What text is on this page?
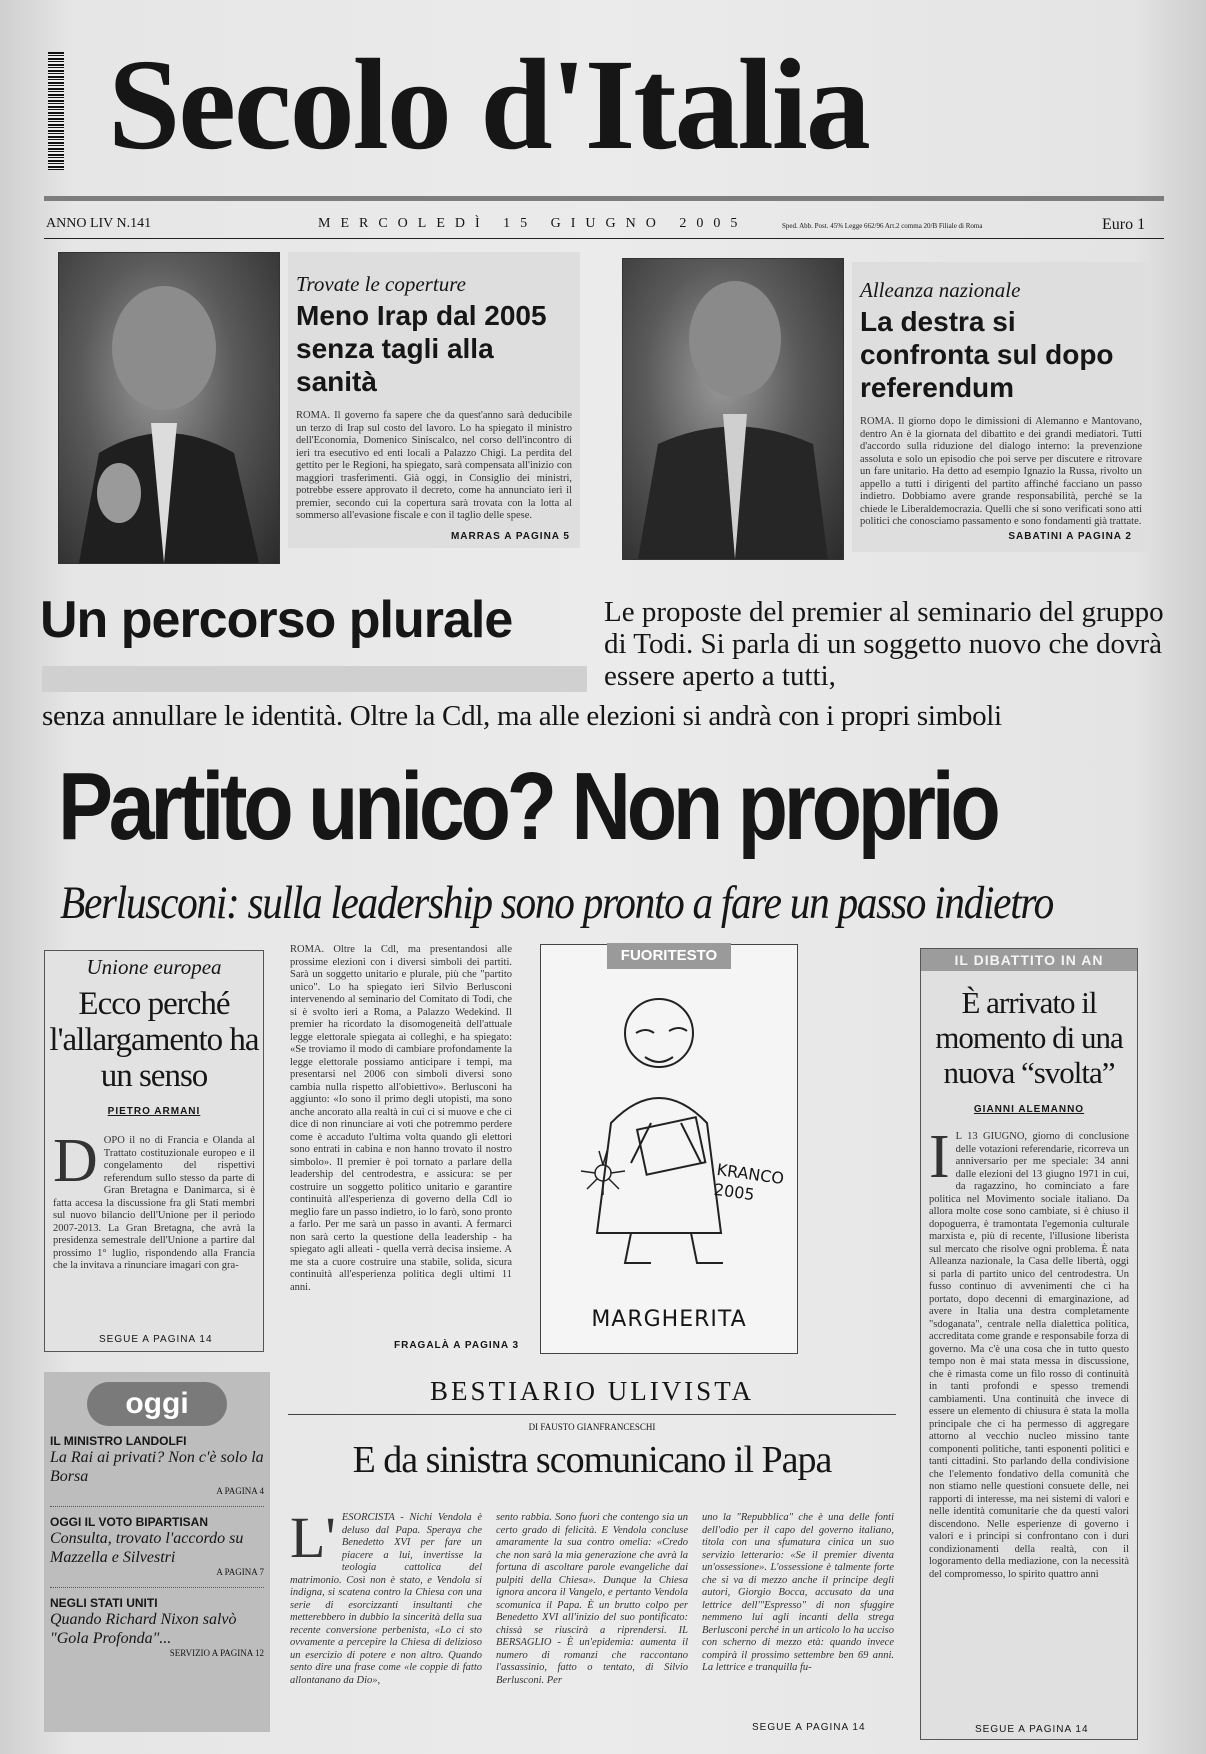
Secolo d'Italia
ANNO LIV N.141	MERCOLEDÌ 15 GIUGNO 2005	Sped. Abb. Post. 45% Legge 662/96 Art.2 comma 20/B Filiale di Roma	Euro 1
Trovate le coperture
Meno Irap dal 2005 senza tagli alla sanità
ROMA. Il governo fa sapere che da quest'anno sarà deducibile un terzo di Irap sul costo del lavoro. Lo ha spiegato il ministro dell'Economia, Domenico Siniscalco, nel corso dell'incontro di ieri tra esecutivo ed enti locali a Palazzo Chigi. La perdita del gettito per le Regioni, ha spiegato, sarà compensata all'inizio con maggiori trasferimenti. Già oggi, in Consiglio dei ministri, potrebbe essere approvato il decreto, come ha annunciato ieri il premier, secondo cui la copertura sarà trovata con la lotta al sommerso all'evasione fiscale e con il taglio delle spese.
MARRAS A PAGINA 5
Alleanza nazionale
La destra si confronta sul dopo referendum
ROMA. Il giorno dopo le dimissioni di Alemanno e Mantovano, dentro An è la giornata del dibattito e dei grandi mediatori. Tutti d'accordo sulla riduzione del dialogo interno: la prevenzione assoluta e solo un episodio che poi serve per discutere e ritrovare un fare unitario. Ha detto ad esempio Ignazio la Russa, rivolto un appello a tutti i dirigenti del partito affinché facciano un passo indietro. Dobbiamo avere grande responsabilità, perché se la chiede le Liberaldemocrazia. Quelli che si sono verificati sono atti politici che conosciamo passamento e sono fondamenti già trattate.
SABATINI A PAGINA 2
Un percorso plurale	Le proposte del premier al seminario del gruppo di Todi. Si parla di un soggetto nuovo che dovrà essere aperto a tutti,
senza annullare le identità. Oltre la Cdl, ma alle elezioni si andrà con i propri simboli
Partito unico? Non proprio
Berlusconi: sulla leadership sono pronto a fare un passo indietro
Unione europea
Ecco perché l'allargamento ha un senso
PIETRO ARMANI
D OPO il no di Francia e Olanda al Trattato costituzionale europeo e il congelamento del rispettivi referendum sullo stesso da parte di Gran Bretagna e Danimarca, si è fatta accesa la discussione fra gli Stati membri sul nuovo bilancio dell'Unione per il periodo 2007-2013. La Gran Bretagna, che avrà la presidenza semestrale dell'Unione a partire dal prossimo 1° luglio, rispondendo alla Francia che la invitava a rinunciare imagari con gra-
SEGUE A PAGINA 14
ROMA. Oltre la Cdl, ma presentandosi alle prossime elezioni con i diversi simboli dei partiti. Sarà un soggetto unitario e plurale, più che "partito unico". Lo ha spiegato ieri Silvio Berlusconi intervenendo al seminario del Comitato di Todi, che si è svolto ieri a Roma, a Palazzo Wedekind. Il premier ha ricordato la disomogeneità dell'attuale legge elettorale spiegata ai colleghi, e ha spiegato: «Se troviamo il modo di cambiare profondamente la legge elettorale possiamo anticipare i tempi, ma presentarsi nel 2006 con simboli diversi sono cambia nulla rispetto all'obiettivo». Berlusconi ha aggiunto: «Io sono il primo degli utopisti, ma sono anche ancorato alla realtà in cui ci si muove e che ci dice di non rinunciare ai voti che potremmo perdere come è accaduto l'ultima volta quando gli elettori sono entrati in cabina e non hanno trovato il nostro simbolo». Il premier è poi tornato a parlare della leadership del centrodestra, e assicura: se per costruire un soggetto politico unitario e garantire continuità all'esperienza di governo della Cdl io meglio fare un passo indietro, io lo farò, sono pronto a farlo. Per me sarà un passo in avanti. A fermarci non sarà certo la questione della leadership - ha spiegato agli alleati - quella verrà decisa insieme. A me sta a cuore costruire una stabile, solida, sicura continuità all'esperienza politica degli ultimi 11 anni.
FRAGALÀ A PAGINA 3
FUORITESTO
KRANCO 2005
MARGHERITA
IL DIBATTITO IN AN
È arrivato il momento di una nuova “svolta”
GIANNI ALEMANNO
I L 13 GIUGNO, giorno di conclusione delle votazioni referendarie, ricorreva un anniversario per me speciale: 34 anni dalle elezioni del 13 giugno 1971 in cui, da ragazzino, ho cominciato a fare politica nel Movimento sociale italiano. Da allora molte cose sono cambiate, si è chiuso il dopoguerra, è tramontata l'egemonia culturale marxista e, più di recente, l'illusione liberista sul mercato che risolve ogni problema. È nata Alleanza nazionale, la Casa delle libertà, oggi si parla di partito unico del centrodestra. Un fusso continuo di avvenimenti che ci ha portato, dopo decenni di emarginazione, ad avere in Italia una destra completamente "sdoganata", centrale nella dialettica politica, accreditata come grande e responsabile forza di governo. Ma c'è una cosa che in tutto questo tempo non è mai stata messa in discussione, che è rimasta come un filo rosso di continuità in tanti profondi e spesso tremendi cambiamenti. Una continuità che invece di essere un elemento di chiusura è stata la molla principale che ci ha permesso di aggregare attorno al vecchio nucleo missino tante componenti politiche, tanti esponenti politici e tanti cittadini. Sto parlando della condivisione che l'elemento fondativo della comunità che non stiamo nelle questioni consuete delle, nei rapporti di interesse, ma nei sistemi di valori e nelle identità comunitarie che da questi valori discendono. Nelle esperienze di governo i valori e i principi si confrontano con i duri condizionamenti della realtà, con il logoramento della mediazione, con la necessità del compromesso, lo spirito quattro anni
SEGUE A PAGINA 14
oggi
IL MINISTRO LANDOLFI
La Rai ai privati? Non c'è solo la Borsa
A PAGINA 4
OGGI IL VOTO BIPARTISAN
Consulta, trovato l'accordo su Mazzella e Silvestri
A PAGINA 7
NEGLI STATI UNITI
Quando Richard Nixon salvò "Gola Profonda"...
SERVIZIO A PAGINA 12
BESTIARIO ULIVISTA
DI FAUSTO GIANFRANCESCHI
E da sinistra scomunicano il Papa
L' ESORCISTA - Nichi Vendola è deluso dal Papa. Speraya che Benedetto XVI per fare un piacere a lui, invertisse la teologia cattolica del matrimonio. Così non è stato, e Vendola si indigna, si scatena contro la Chiesa con una serie di esorcizzanti insultanti che metterebbero in dubbio la sincerità della sua recente conversione perbenista, «Lo ci sto ovvamente a percepire la Chiesa di delizioso un esercizio di potere e non altro. Quando sento dire una frase come «le coppie di fatto allontanano da Dio»,
sento rabbia. Sono fuori che contengo sia un certo grado di felicità. E Vendola concluse amaramente la sua contro omelia: «Credo che non sarà la mia generazione che avrà la fortuna di ascoltare parole evangeliche dai pulpiti della Chiesa». Dunque la Chiesa ignora ancora il Vangelo, e pertanto Vendola scomunica il Papa. È un brutto colpo per Benedetto XVI all'inizio del suo pontificato: chissà se riuscirà a riprendersi. IL BERSAGLIO - È un'epidemia: aumenta il numero di romanzi che raccontano l'assassinio, fatto o tentato, di Silvio Berlusconi. Per
uno la "Repubblica" che è una delle fonti dell'odio per il capo del governo italiano, titola con una sfumatura cinica un suo servizio letterario: «Se il premier diventa un'ossessione». L'ossessione è talmente forte che si va di mezzo anche il principe degli autori, Giorgio Bocca, accusato da una lettrice dell'"Espresso" di non sfuggire nemmeno lui agli incanti della strega Berlusconi perché in un articolo lo ha ucciso con scherno di mezzo età: quando invece compirà il prossimo settembre ben 69 anni. La lettrice e tranquilla fu-
SEGUE A PAGINA 14
